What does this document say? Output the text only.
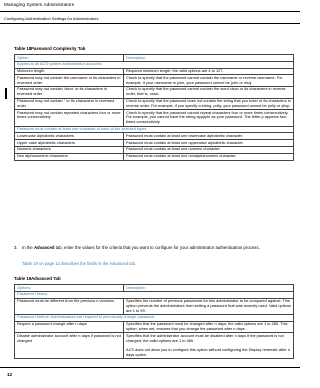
Managing System Administrators
Configuring Authentication Settings for Administrators
Table 18Password Complexity Tab
Option	Description
Applies to all ACS system administrator accounts	
Minimum length	Required minimum length; the valid options are 4 to 127.
Password may not contain the username or its characters in reversed order	Check to specify that the password cannot contain the username or reverse username. For example, if your username is john, your password cannot be john or nhoj.
Password may not contain 'cisco' or its characters in reversed order	Check to specify that the password cannot contain the word cisco or its characters in reverse order, that is, ocsic.
Password may not contain '' or its characters in reversed order	Check to specify that the password does not contain the string that you enter or its characters in reverse order. For example, if you specify a string, polly, your password cannot be polly or yllop.
Password may not contain repeated characters four or more times consecutively	Check to specify that the password cannot repeat characters four or more times consecutively. For example, you cannot have the string apppple as your password. The letter p appears four times consecutively.
Password must contain at least one character of each of the selected types	
Lowercase alphabetic characters	Password must contain at least one lowercase alphabetic character.
Upper case alphabetic characters	Password must contain at least one uppercase alphabetic character.
Numeric characters	Password must contain at least one numeric character.
Non alphanumeric characters	Password must contain at least one nonalphanumeric character.
3. In the Advanced tab, enter the values for the criteria that you want to configure for your administrator authentication process.
Table 19 on page 12 describes the fields in the Advanced tab.
Table 19Advanced Tab
Options	Description
Password History	
Password must be different from the previous n versions	Specifies the number of previous passwords for this administrator to be compared against. This option prevents the administrators from setting a password that was recently used. Valid options are 1 to 99.
Password Lifetime: Administrators are required to periodically change password	
Require a password change after n days	Specifies that the password must be changed after n days; the valid options are 1 to 365. This option, when set, ensures that you change the password after n days.
Disable administrator account after n days if password is not changed	Specifies that the administrator account must be disabled after n days if the password is not changed; the valid options are 1 to 365.

ACS does not allow you to configure this option without configuring the Display reminder after n days option.
12
